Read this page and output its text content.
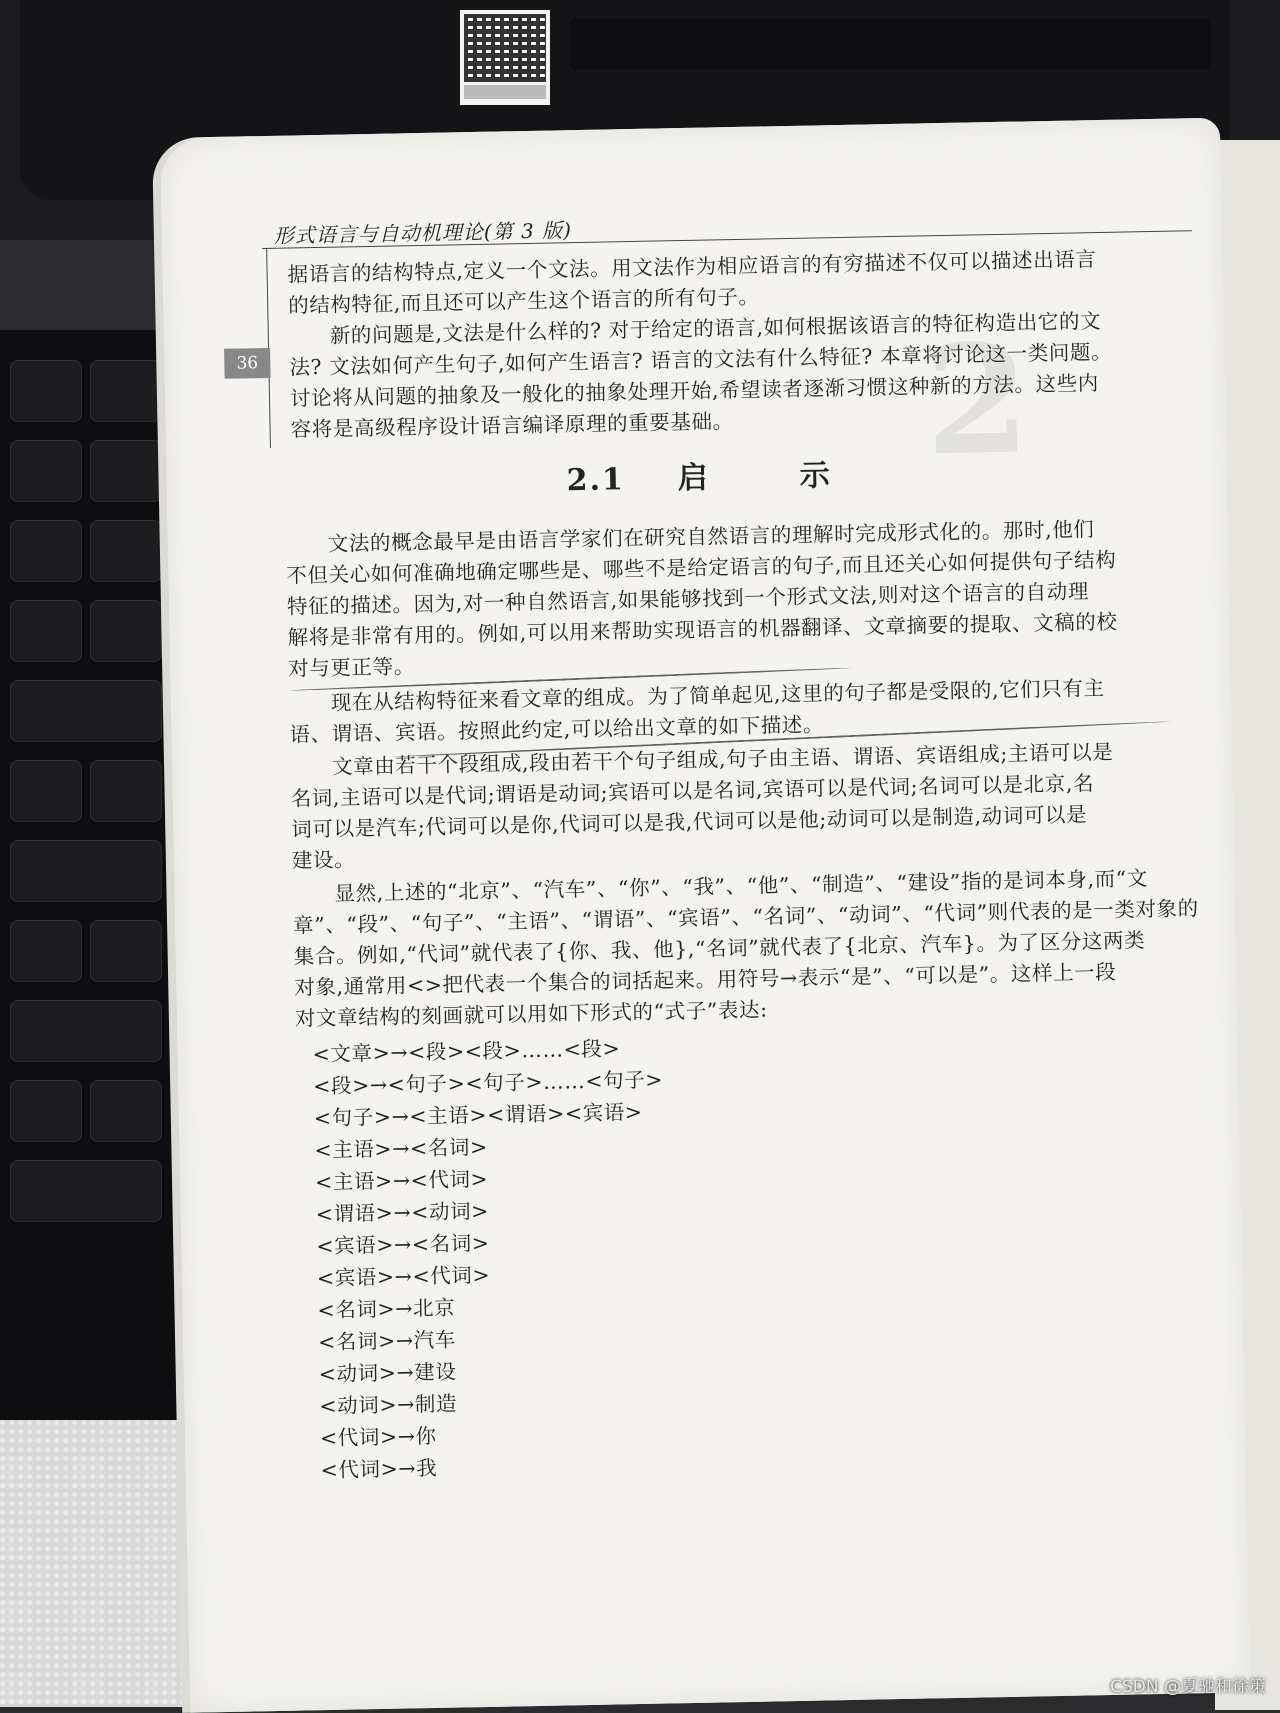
2
形式语言与自动机理论(第 3 版)
36
据语言的结构特点,定义一个文法。用文法作为相应语言的有穷描述不仅可以描述出语言
的结构特征,而且还可以产生这个语言的所有句子。
新的问题是,文法是什么样的? 对于给定的语言,如何根据该语言的特征构造出它的文
法? 文法如何产生句子,如何产生语言? 语言的文法有什么特征? 本章将讨论这一类问题。
讨论将从问题的抽象及一般化的抽象处理开始,希望读者逐渐习惯这种新的方法。这些内
容将是高级程序设计语言编译原理的重要基础。
2.1 启	示
文法的概念最早是由语言学家们在研究自然语言的理解时完成形式化的。那时,他们
不但关心如何准确地确定哪些是、哪些不是给定语言的句子,而且还关心如何提供句子结构
特征的描述。因为,对一种自然语言,如果能够找到一个形式文法,则对这个语言的自动理
解将是非常有用的。例如,可以用来帮助实现语言的机器翻译、文章摘要的提取、文稿的校
对与更正等。
现在从结构特征来看文章的组成。为了简单起见,这里的句子都是受限的,它们只有主
语、谓语、宾语。按照此约定,可以给出文章的如下描述。
文章由若干个段组成,段由若干个句子组成,句子由主语、谓语、宾语组成;主语可以是
名词,主语可以是代词;谓语是动词;宾语可以是名词,宾语可以是代词;名词可以是北京,名
词可以是汽车;代词可以是你,代词可以是我,代词可以是他;动词可以是制造,动词可以是
建设。
显然,上述的“北京”、“汽车”、“你”、“我”、“他”、“制造”、“建设”指的是词本身,而“文
章”、“段”、“句子”、“主语”、“谓语”、“宾语”、“名词”、“动词”、“代词”则代表的是一类对象的
集合。例如,“代词”就代表了{你、我、他},“名词”就代表了{北京、汽车}。为了区分这两类
对象,通常用<>把代表一个集合的词括起来。用符号→表示“是”、“可以是”。这样上一段
对文章结构的刻画就可以用如下形式的“式子”表达:
<文章>→<段><段>……<段>
<段>→<句子><句子>……<句子>
<句子>→<主语><谓语><宾语>
<主语>→<名词>
<主语>→<代词>
<谓语>→<动词>
<宾语>→<名词>
<宾语>→<代词>
<名词>→北京
<名词>→汽车
<动词>→建设
<动词>→制造
<代词>→你
<代词>→我
CSDN @夏驰和徐策
